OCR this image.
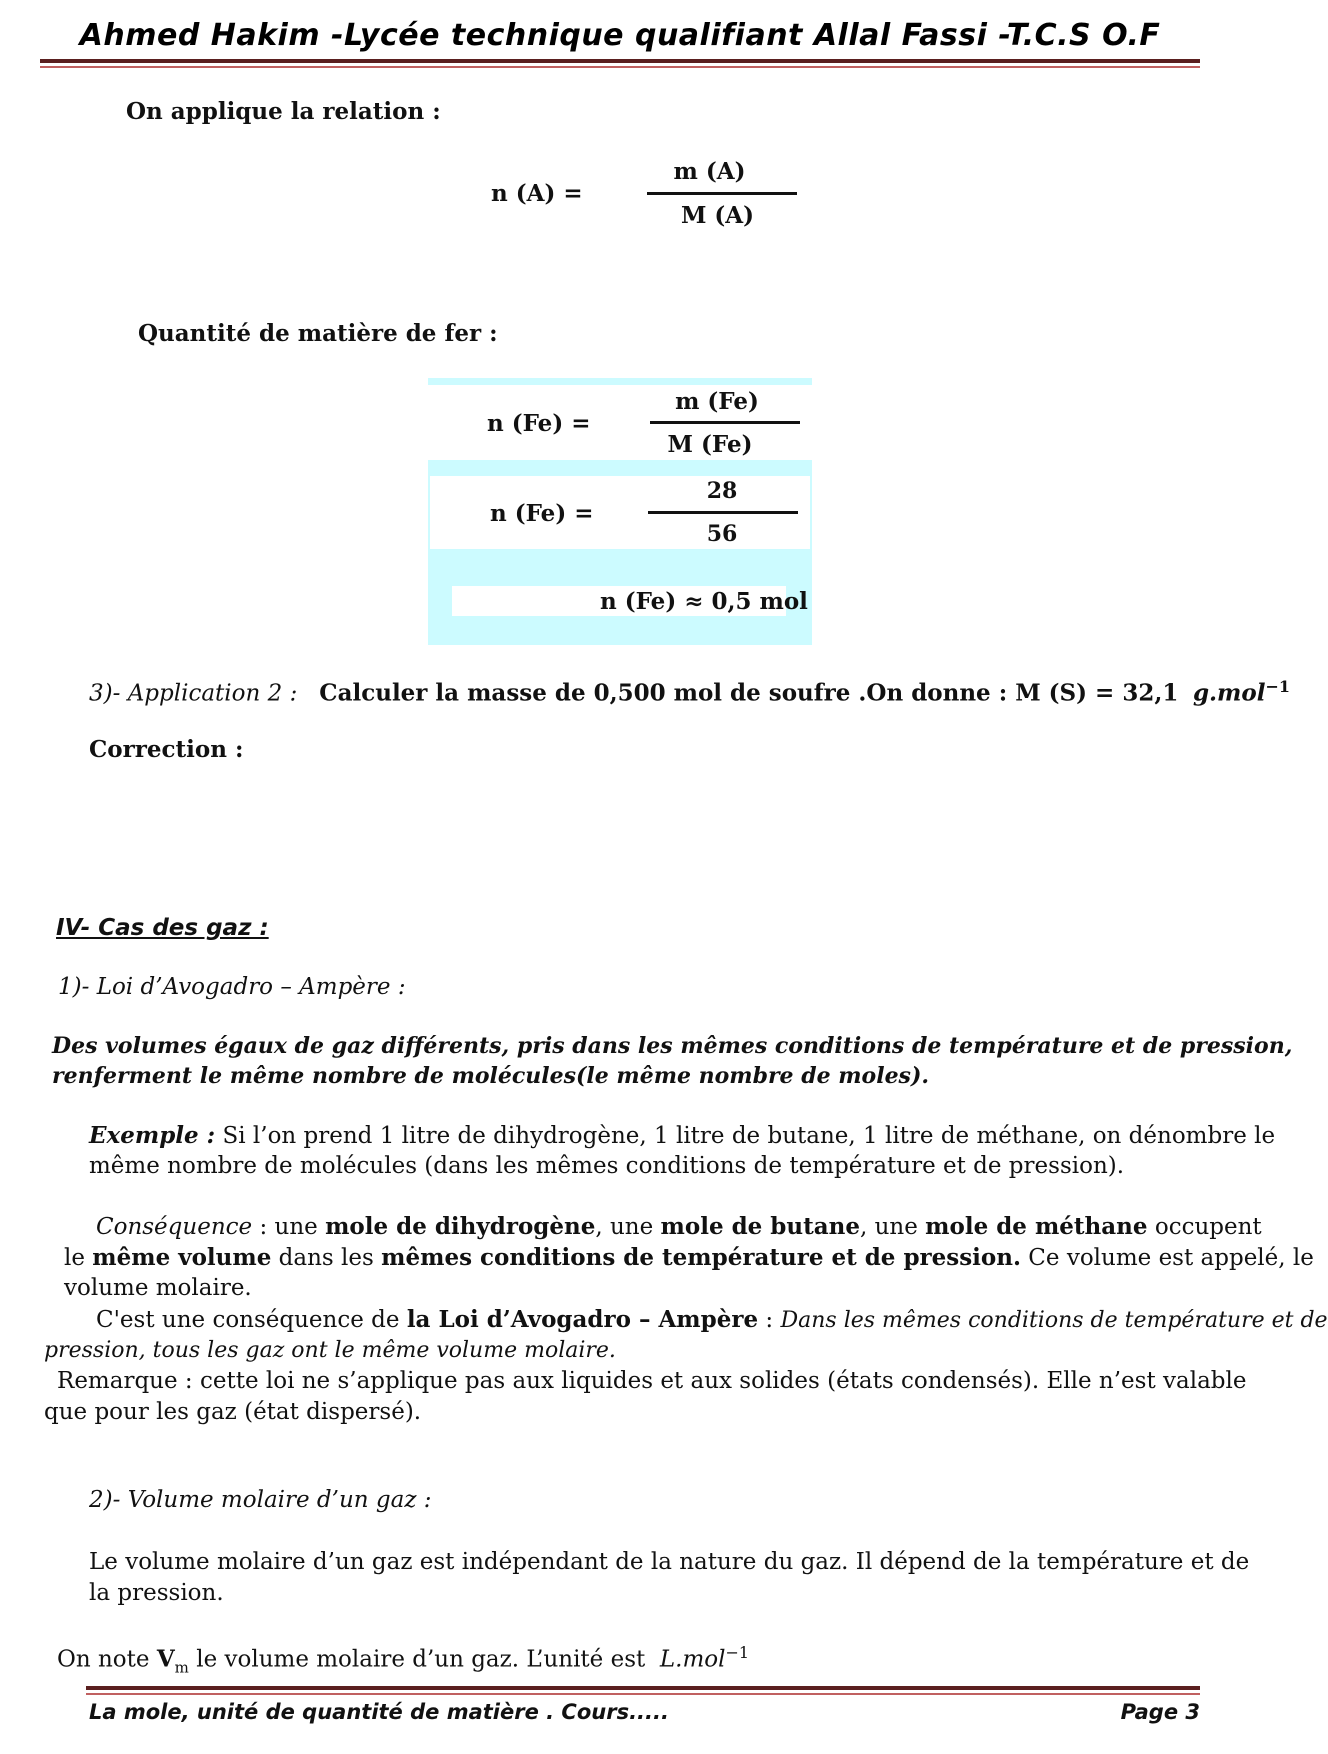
Ahmed Hakim -Lycée technique qualifiant Allal Fassi -T.C.S O.F
On applique la relation :
n (A) =
m (A)
M (A)
Quantité de matière de fer :
n (Fe) =
m (Fe)
M (Fe)
n (Fe) =
28
56
n (Fe) ≈ 0,5 mol
3)- Application 2 : Calculer la masse de 0,500 mol de soufre .On donne : M (S) = 32,1 g.mol$^{-1}$
Correction :
IV- Cas des gaz :
1)- Loi d’Avogadro – Ampère :
Des volumes égaux de gaz différents, pris dans les mêmes conditions de température et de pression,
renferment le même nombre de molécules(le même nombre de moles).
Exemple : Si l’on prend 1 litre de dihydrogène, 1 litre de butane, 1 litre de méthane, on dénombre le
même nombre de molécules (dans les mêmes conditions de température et de pression).
Conséquence : une mole de dihydrogène, une mole de butane, une mole de méthane occupent
le même volume dans les mêmes conditions de température et de pression. Ce volume est appelé, le
volume molaire.
C'est une conséquence de la Loi d’Avogadro – Ampère : Dans les mêmes conditions de température et de
pression, tous les gaz ont le même volume molaire.
Remarque : cette loi ne s’applique pas aux liquides et aux solides (états condensés). Elle n’est valable
que pour les gaz (état dispersé).
2)- Volume molaire d’un gaz :
Le volume molaire d’un gaz est indépendant de la nature du gaz. Il dépend de la température et de
la pression.
On note $V_m$ le volume molaire d’un gaz. L’unité est  L.mol$^{-1}$
La mole, unité de quantité de matière . Cours.....	Page 3
